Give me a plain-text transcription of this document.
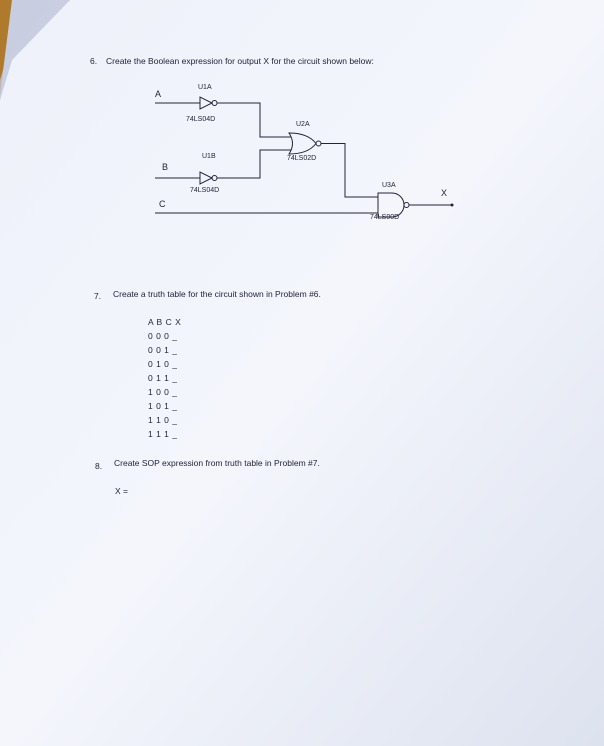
6. Create the Boolean expression for output X for the circuit shown below:
A
U1A
74LS04D
U2A
U1B	74LS02D
B
U3A
X
74LS04D
C
74LS00D
7. Create a truth table for the circuit shown in Problem #6.
A B C X
0 0 0 _
0 0 1 _
0 1 0 _
0 1 1 _
1 0 0 _
1 0 1 _
1 1 0 _
1 1 1 _
8. Create SOP expression from truth table in Problem #7.
X =
